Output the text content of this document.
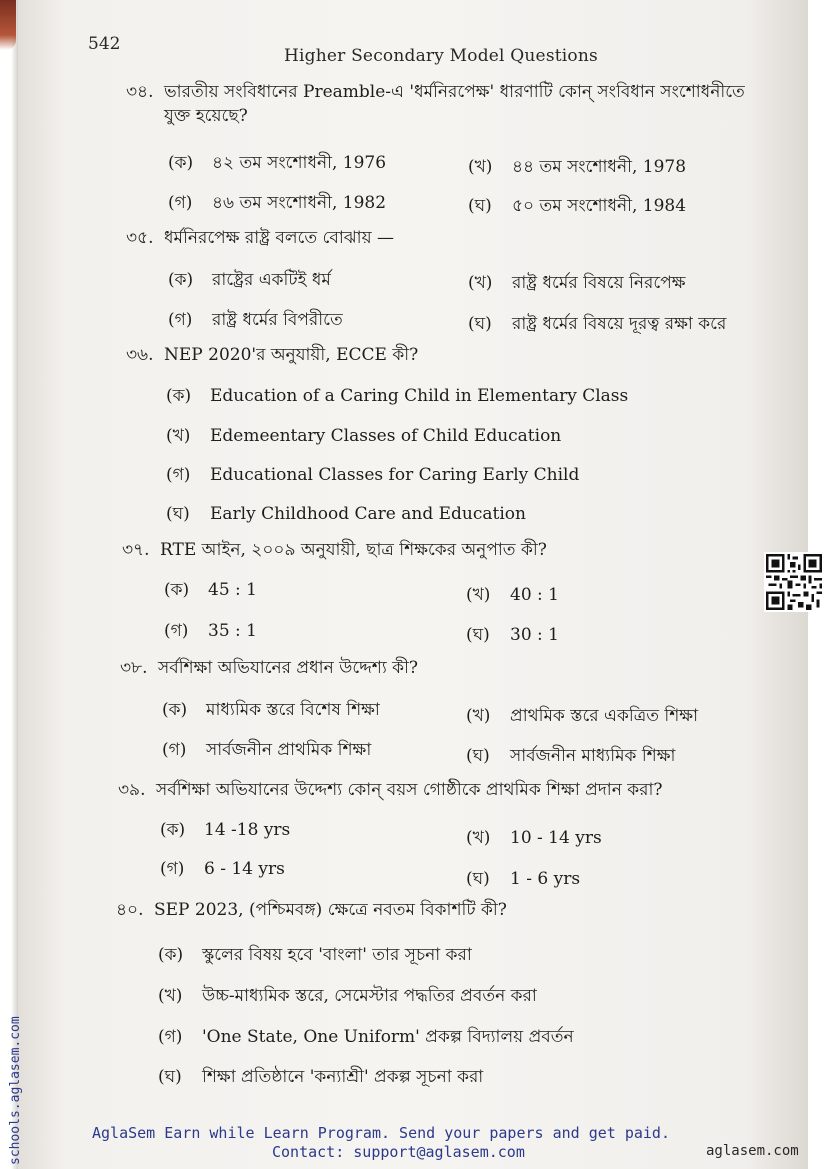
542
Higher Secondary Model Questions
৩৪. ভারতীয় সংবিধানের Preamble-এ 'ধর্মনিরপেক্ষ' ধারণাটি কোন্ সংবিধান সংশোধনীতে
যুক্ত হয়েছে?
(ক) ৪২ তম সংশোধনী, 1976	(খ) ৪৪ তম সংশোধনী, 1978
(গ) ৪৬ তম সংশোধনী, 1982	(ঘ) ৫০ তম সংশোধনী, 1984
৩৫. ধর্মনিরপেক্ষ রাষ্ট্র বলতে বোঝায় —
(ক) রাষ্ট্রের একটিই ধর্ম	(খ) রাষ্ট্র ধর্মের বিষয়ে নিরপেক্ষ
(গ) রাষ্ট্র ধর্মের বিপরীতে	(ঘ) রাষ্ট্র ধর্মের বিষয়ে দূরত্ব রক্ষা করে
৩৬. NEP 2020'র অনুযায়ী, ECCE কী?
(ক) Education of a Caring Child in Elementary Class
(খ) Edemeentary Classes of Child Education
(গ) Educational Classes for Caring Early Child
(ঘ) Early Childhood Care and Education
৩৭. RTE আইন, ২০০৯ অনুযায়ী, ছাত্র শিক্ষকের অনুপাত কী?
(ক) 45 : 1	(খ) 40 : 1
(গ) 35 : 1	(ঘ) 30 : 1
৩৮. সর্বশিক্ষা অভিযানের প্রধান উদ্দেশ্য কী?
(ক) মাধ্যমিক স্তরে বিশেষ শিক্ষা	(খ) প্রাথমিক স্তরে একত্রিত শিক্ষা
(গ) সার্বজনীন প্রাথমিক শিক্ষা	(ঘ) সার্বজনীন মাধ্যমিক শিক্ষা
৩৯. সর্বশিক্ষা অভিযানের উদ্দেশ্য কোন্ বয়স গোষ্ঠীকে প্রাথমিক শিক্ষা প্রদান করা?
(ক) 14 -18 yrs	(খ) 10 - 14 yrs
(গ) 6 - 14 yrs	(ঘ) 1 - 6 yrs
৪০. SEP 2023, (পশ্চিমবঙ্গ) ক্ষেত্রে নবতম বিকাশটি কী?
(ক) স্কুলের বিষয় হবে 'বাংলা' তার সূচনা করা
(খ) উচ্চ-মাধ্যমিক স্তরে, সেমেস্টার পদ্ধতির প্রবর্তন করা
(গ) 'One State, One Uniform' প্রকল্প বিদ্যালয় প্রবর্তন
(ঘ) শিক্ষা প্রতিষ্ঠানে 'কন্যাশ্রী' প্রকল্প সূচনা করা
AglaSem Earn while Learn Program. Send your papers and get paid.
Contact: support@aglasem.com	aglasem.com
schools.aglasem.com
